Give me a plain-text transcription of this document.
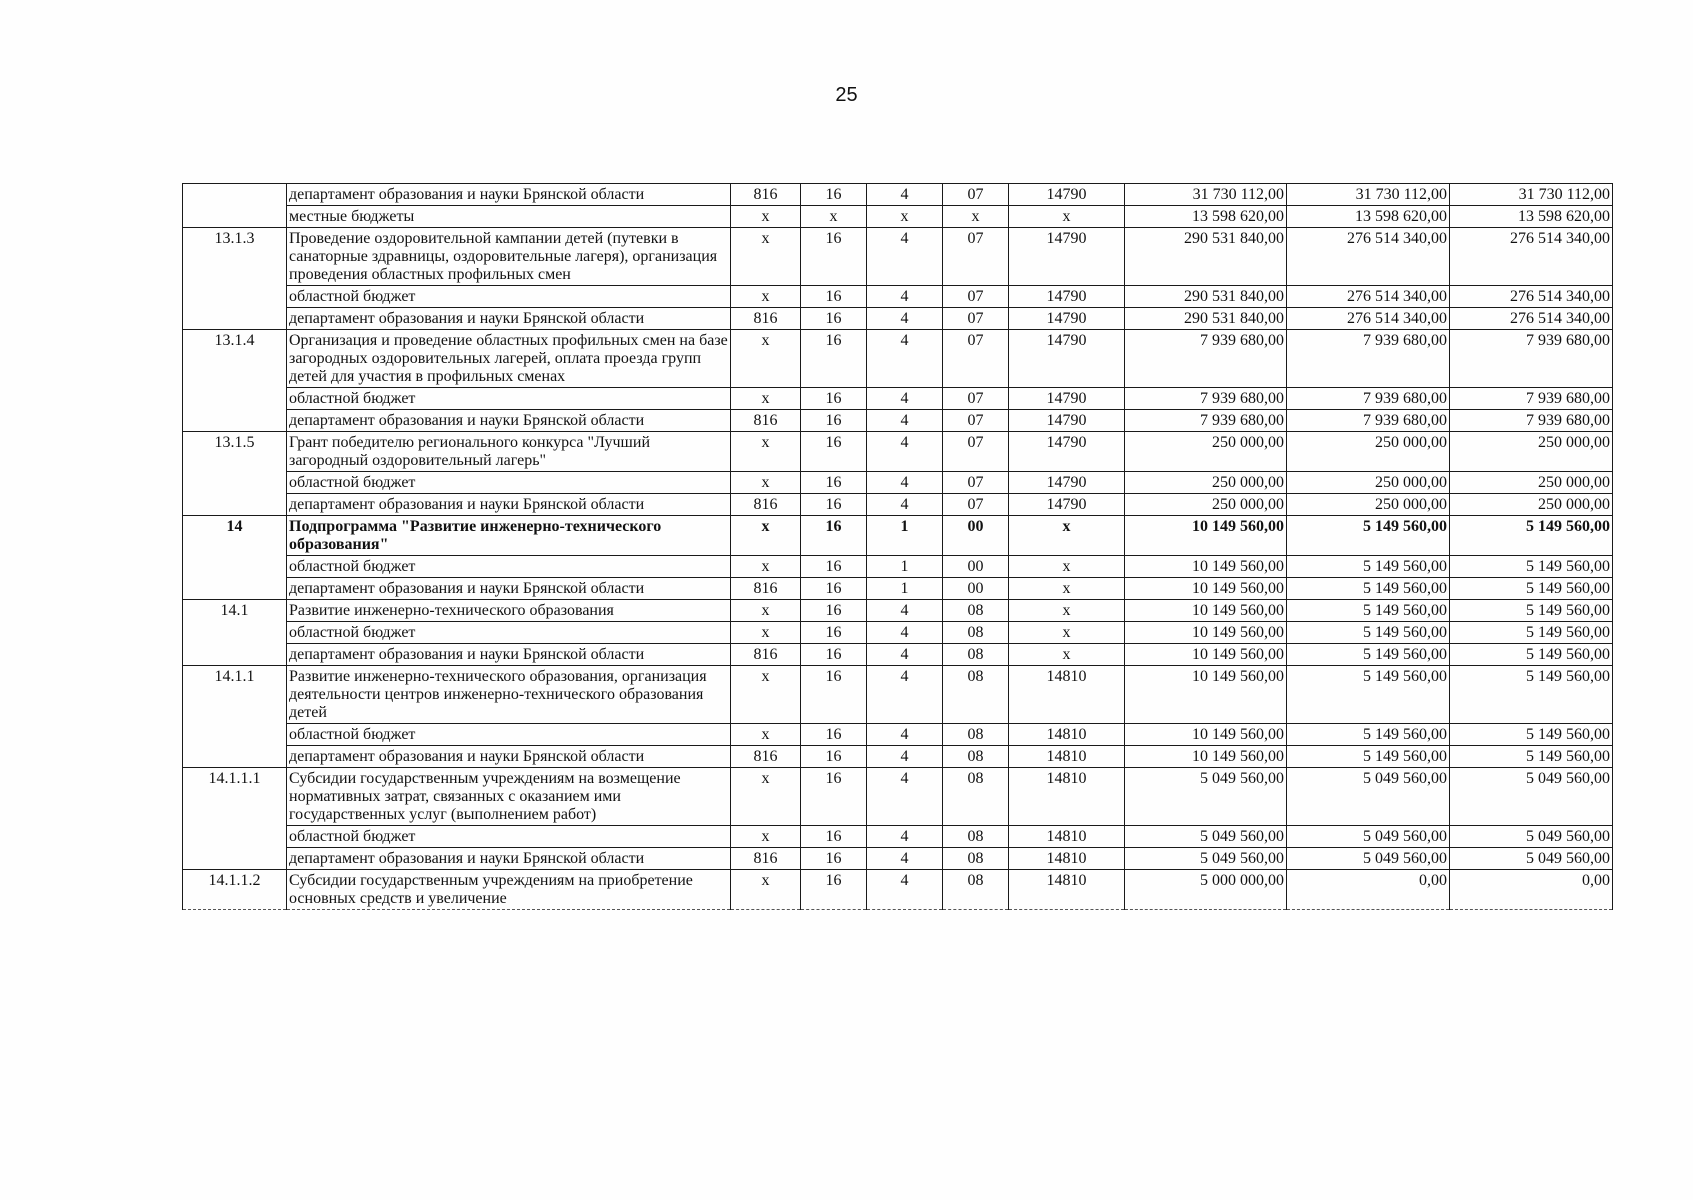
25
	департамент образования и науки Брянской области	816	16	4	07	14790	31 730 112,00	31 730 112,00	31 730 112,00
	местные бюджеты	х	х	х	х	х	13 598 620,00	13 598 620,00	13 598 620,00
13.1.3	Проведение оздоровительной кампании детей (путевки в санаторные здравницы, оздоровительные лагеря), организация проведения областных профильных смен	х	16	4	07	14790	290 531 840,00	276 514 340,00	276 514 340,00
	областной бюджет	х	16	4	07	14790	290 531 840,00	276 514 340,00	276 514 340,00
	департамент образования и науки Брянской области	816	16	4	07	14790	290 531 840,00	276 514 340,00	276 514 340,00
13.1.4	Организация и проведение областных профильных смен на базе загородных оздоровительных лагерей, оплата проезда групп детей для участия в профильных сменах	х	16	4	07	14790	7 939 680,00	7 939 680,00	7 939 680,00
	областной бюджет	х	16	4	07	14790	7 939 680,00	7 939 680,00	7 939 680,00
	департамент образования и науки Брянской области	816	16	4	07	14790	7 939 680,00	7 939 680,00	7 939 680,00
13.1.5	Грант победителю регионального конкурса "Лучший загородный оздоровительный лагерь"	х	16	4	07	14790	250 000,00	250 000,00	250 000,00
	областной бюджет	х	16	4	07	14790	250 000,00	250 000,00	250 000,00
	департамент образования и науки Брянской области	816	16	4	07	14790	250 000,00	250 000,00	250 000,00
14	Подпрограмма "Развитие инженерно-технического образования"	х	16	1	00	х	10 149 560,00	5 149 560,00	5 149 560,00
	областной бюджет	х	16	1	00	х	10 149 560,00	5 149 560,00	5 149 560,00
	департамент образования и науки Брянской области	816	16	1	00	х	10 149 560,00	5 149 560,00	5 149 560,00
14.1	Развитие инженерно-технического образования	х	16	4	08	х	10 149 560,00	5 149 560,00	5 149 560,00
	областной бюджет	х	16	4	08	х	10 149 560,00	5 149 560,00	5 149 560,00
	департамент образования и науки Брянской области	816	16	4	08	х	10 149 560,00	5 149 560,00	5 149 560,00
14.1.1	Развитие инженерно-технического образования, организация деятельности центров инженерно-технического образования детей	х	16	4	08	14810	10 149 560,00	5 149 560,00	5 149 560,00
	областной бюджет	х	16	4	08	14810	10 149 560,00	5 149 560,00	5 149 560,00
	департамент образования и науки Брянской области	816	16	4	08	14810	10 149 560,00	5 149 560,00	5 149 560,00
14.1.1.1	Субсидии государственным учреждениям на возмещение нормативных затрат, связанных с оказанием ими государственных услуг (выполнением работ)	х	16	4	08	14810	5 049 560,00	5 049 560,00	5 049 560,00
	областной бюджет	х	16	4	08	14810	5 049 560,00	5 049 560,00	5 049 560,00
	департамент образования и науки Брянской области	816	16	4	08	14810	5 049 560,00	5 049 560,00	5 049 560,00
14.1.1.2	Субсидии государственным учреждениям на приобретение основных средств и увеличение	х	16	4	08	14810	5 000 000,00	0,00	0,00
